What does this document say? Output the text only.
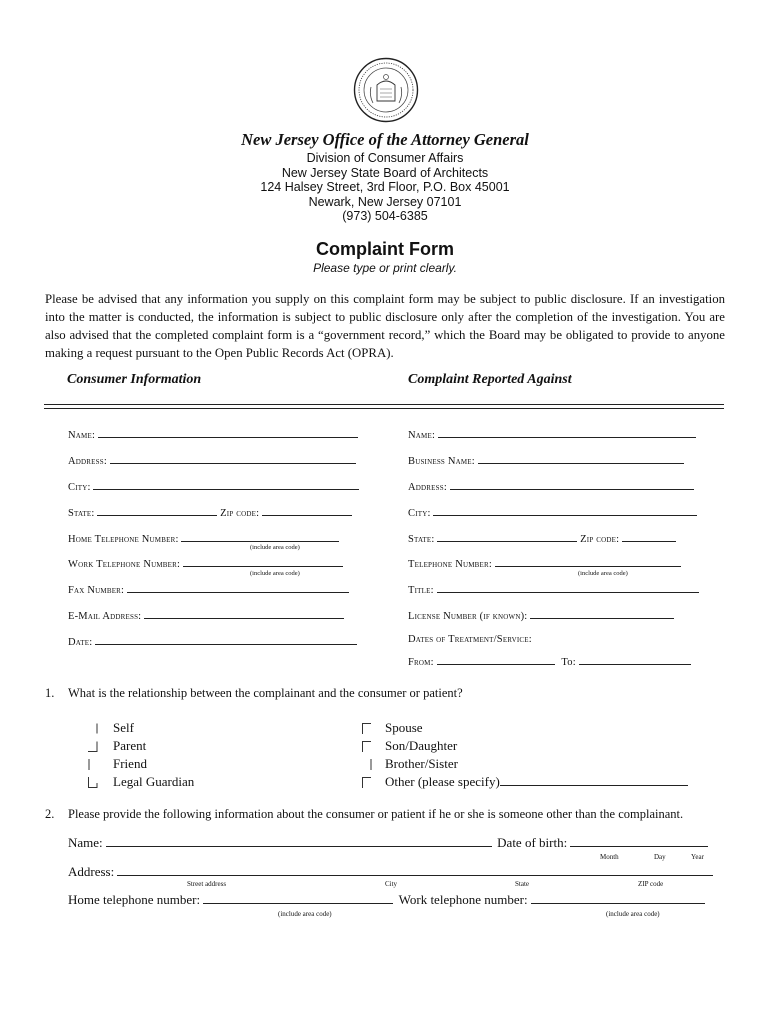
New Jersey Office of the Attorney General
Division of Consumer Affairs
New Jersey State Board of Architects
124 Halsey Street, 3rd Floor, P.O. Box 45001
Newark, New Jersey 07101
(973) 504-6385
Complaint Form
Please type or print clearly.
Please be advised that any information you supply on this complaint form may be subject to public disclosure. If an investigation into the matter is conducted, the information is subject to public disclosure only after the completion of the investigation. You are also advised that the completed complaint form is a “government record,” which the Board may be obligated to provide to anyone making a request pursuant to the Open Public Records Act (OPRA).
Consumer Information	Complaint Reported Against
Name:
Address:
City:
State:	Zip code:
Home Telephone Number:
(include area code)
Work Telephone Number:
(include area code)
Fax Number:
E-Mail Address:
Date:
Name:
Business Name:
Address:
City:
State:	Zip code:
Telephone Number:
(include area code)
Title:
License Number (if known):
Dates of Treatment/Service:
From:	To:
1. What is the relationship between the complainant and the consumer or patient?
Self
Parent
Friend
Legal Guardian
Spouse
Son/Daughter
Brother/Sister
Other (please specify)
2. Please provide the following information about the consumer or patient if he or she is someone other than the complainant.
Name:	Date of birth:
Month	Day	Year
Address:
Street address	City	State	ZIP code
Home telephone number:	Work telephone number:
(include area code)	(include area code)
